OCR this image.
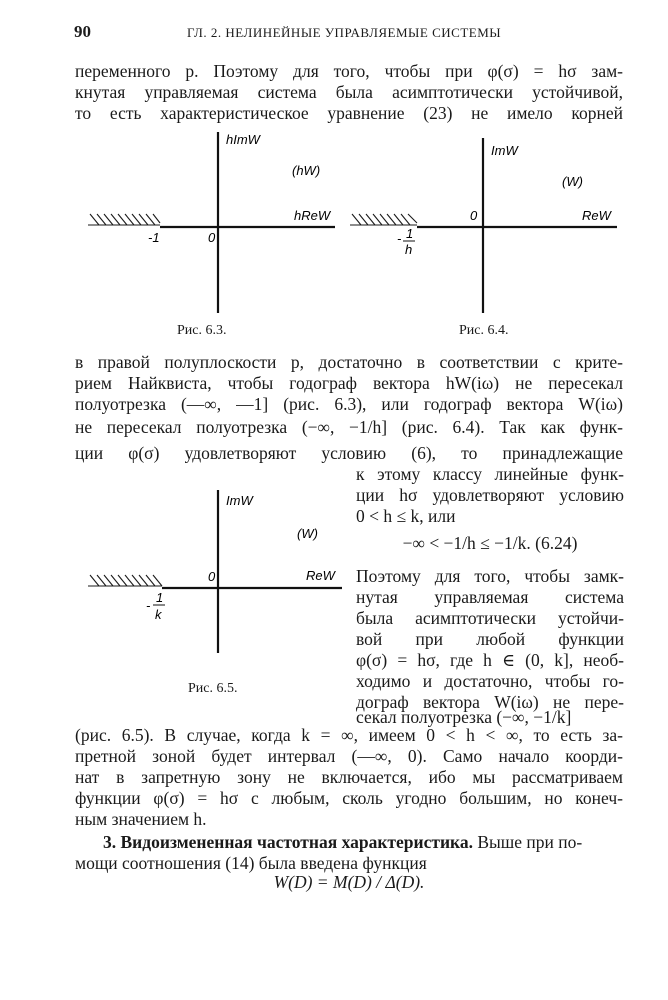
90	ГЛ. 2. НЕЛИНЕЙНЫЕ УПРАВЛЯЕМЫЕ СИСТЕМЫ
переменного p. Поэтому для того, чтобы при φ(σ) = hσ зам-
кнутая управляемая система была асимптотически устойчивой,
то есть характеристическое уравнение (23) не имело корней
hImW
hReW
(hW)
0
-1
Рис. 6.3.
ImW
ReW
(W)
0
- 1
h
Рис. 6.4.
в правой полуплоскости p, достаточно в соответствии с крите-
рием Найквиста, чтобы годограф вектора hW(iω) не пересекал
полуотрезка (—∞, —1] (рис. 6.3), или годограф вектора W(iω)
не пересекал полуотрезка (−∞, −1/h] (рис. 6.4). Так как функ-
ции φ(σ) удовлетворяют условию (6), то принадлежащие
к этому классу линейные функ-
ции hσ удовлетворяют условию
0 < h ≤ k, или
−∞ < −1/h ≤ −1/k. (6.24)
Поэтому для того, чтобы замк-
нутая управляемая система
была асимптотически устойчи-
вой при любой функции
φ(σ) = hσ, где h ∈ (0, k], необ-
ходимо и достаточно, чтобы го-
дограф вектора W(iω) не пере-
секал полуотрезка (−∞, −1/k]
ImW
ReW
(W)
0
-
1
k
Рис. 6.5.
(рис. 6.5). В случае, когда k = ∞, имеем 0 < h < ∞, то есть за-
претной зоной будет интервал (—∞, 0). Само начало коорди-
нат в запретную зону не включается, ибо мы рассматриваем
функции φ(σ) = hσ с любым, сколь угодно большим, но конеч-
ным значением h.
3. Видоизмененная частотная характеристика. Выше при по-
мощи соотношения (14) была введена функция
W(D) = M(D) / Δ(D).
